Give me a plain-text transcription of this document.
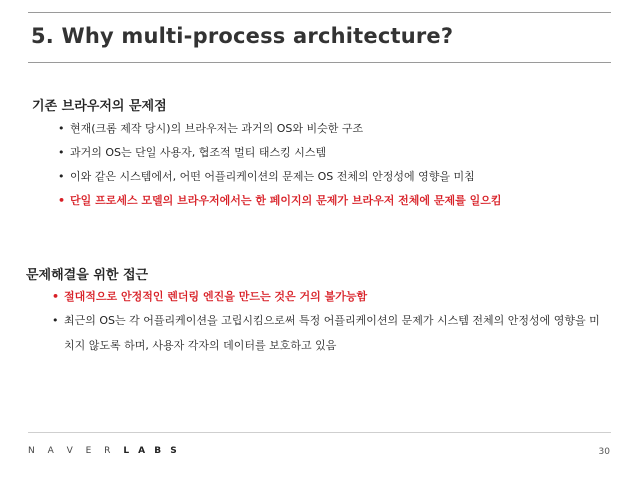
5. Why multi-process architecture?
기존 브라우저의 문제점
• 현재(크롬 제작 당시)의 브라우저는 과거의 OS와 비슷한 구조
• 과거의 OS는 단일 사용자, 협조적 멀티 태스킹 시스템
• 이와 같은 시스템에서, 어떤 어플리케이션의 문제는 OS 전체의 안정성에 영향을 미침
• 단일 프로세스 모델의 브라우저에서는 한 페이지의 문제가 브라우저 전체에 문제를 일으킴
문제해결을 위한 접근
• 절대적으로 안정적인 렌더링 엔진을 만드는 것은 거의 불가능함
• 최근의 OS는 각 어플리케이션을 고립시킴으로써 특정 어플리케이션의 문제가 시스템 전체의 안정성에 영향을 미치지 않도록 하며, 사용자 각자의 데이터를 보호하고 있음
N A V E R L A B S	30
